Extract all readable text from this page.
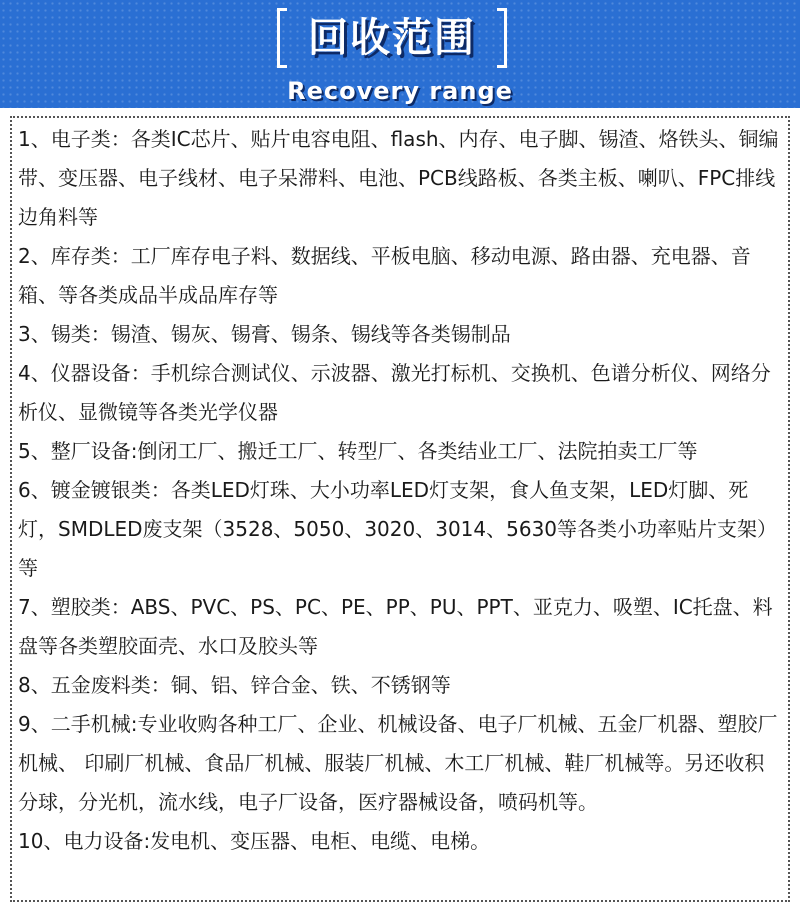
回收范围
Recovery range

1、电子类：各类IC芯片、贴片电容电阻、flash、内存、电子脚、锡渣、烙铁头、铜编带、变压器、电子线材、电子呆滞料、电池、PCB线路板、各类主板、喇叭、FPC排线边角料等

2、库存类：工厂库存电子料、数据线、平板电脑、移动电源、路由器、充电器、音箱、等各类成品半成品库存等

3、锡类：锡渣、锡灰、锡膏、锡条、锡线等各类锡制品

4、仪器设备：手机综合测试仪、示波器、激光打标机、交换机、色谱分析仪、网络分析仪、显微镜等各类光学仪器

5、整厂设备:倒闭工厂、搬迁工厂、转型厂、各类结业工厂、法院拍卖工厂等

6、镀金镀银类：各类LED灯珠、大小功率LED灯支架，食人鱼支架，LED灯脚、死灯，SMDLED废支架（3528、5050、3020、3014、5630等各类小功率贴片支架）等

7、塑胶类：ABS、PVC、PS、PC、PE、PP、PU、PPT、亚克力、吸塑、IC托盘、料盘等各类塑胶面壳、水口及胶头等

8、五金废料类：铜、铝、锌合金、铁、不锈钢等

9、二手机械:专业收购各种工厂、企业、机械设备、电子厂机械、五金厂机器、塑胶厂机械、 印刷厂机械、食品厂机械、服装厂机械、木工厂机械、鞋厂机械等。另还收积分球，分光机，流水线，电子厂设备，医疗器械设备，喷码机等。

10、电力设备:发电机、变压器、电柜、电缆、电梯。
